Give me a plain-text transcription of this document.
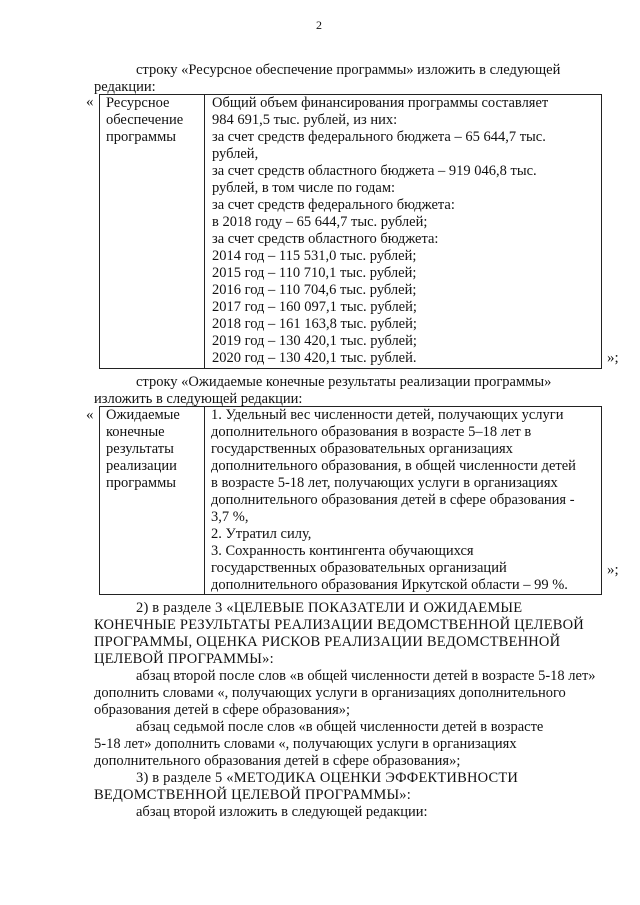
2
строку «Ресурсное обеспечение программы» изложить в следующей
редакции:
« Ресурсное
обеспечение
программы
Общий объем финансирования программы составляет
984 691,5 тыс. рублей, из них:
за счет средств федерального бюджета – 65 644,7 тыс.
рублей,
за счет средств областного бюджета – 919 046,8 тыс.
рублей, в том числе по годам:
за счет средств федерального бюджета:
в 2018 году – 65 644,7 тыс. рублей;
за счет средств областного бюджета:
2014 год – 115 531,0 тыс. рублей;
2015 год – 110 710,1 тыс. рублей;
2016 год – 110 704,6 тыс. рублей;
2017 год – 160 097,1 тыс. рублей;
2018 год – 161 163,8 тыс. рублей;
2019 год – 130 420,1 тыс. рублей;
2020 год – 130 420,1 тыс. рублей.	»;
строку «Ожидаемые конечные результаты реализации программы»
изложить в следующей редакции:
« Ожидаемые
конечные
результаты
реализации
программы
1. Удельный вес численности детей, получающих услуги
дополнительного образования в возрасте 5–18 лет в
государственных образовательных организациях
дополнительного образования, в общей численности детей
в возрасте 5-18 лет, получающих услуги в организациях
дополнительного образования детей в сфере образования -
3,7 %,
2. Утратил силу,
3. Сохранность контингента обучающихся
государственных образовательных организаций
дополнительного образования Иркутской области – 99 %.
»;
2) в разделе 3 «ЦЕЛЕВЫЕ ПОКАЗАТЕЛИ И ОЖИДАЕМЫЕ
КОНЕЧНЫЕ РЕЗУЛЬТАТЫ РЕАЛИЗАЦИИ ВЕДОМСТВЕННОЙ ЦЕЛЕВОЙ
ПРОГРАММЫ, ОЦЕНКА РИСКОВ РЕАЛИЗАЦИИ ВЕДОМСТВЕННОЙ
ЦЕЛЕВОЙ ПРОГРАММЫ»:
абзац второй после слов «в общей численности детей в возрасте 5-18 лет»
дополнить словами «, получающих услуги в организациях дополнительного
образования детей в сфере образования»;
абзац седьмой после слов «в общей численности детей в возрасте
5-18 лет» дополнить словами «, получающих услуги в организациях
дополнительного образования детей в сфере образования»;
3) в разделе 5 «МЕТОДИКА ОЦЕНКИ ЭФФЕКТИВНОСТИ
ВЕДОМСТВЕННОЙ ЦЕЛЕВОЙ ПРОГРАММЫ»:
абзац второй изложить в следующей редакции:
